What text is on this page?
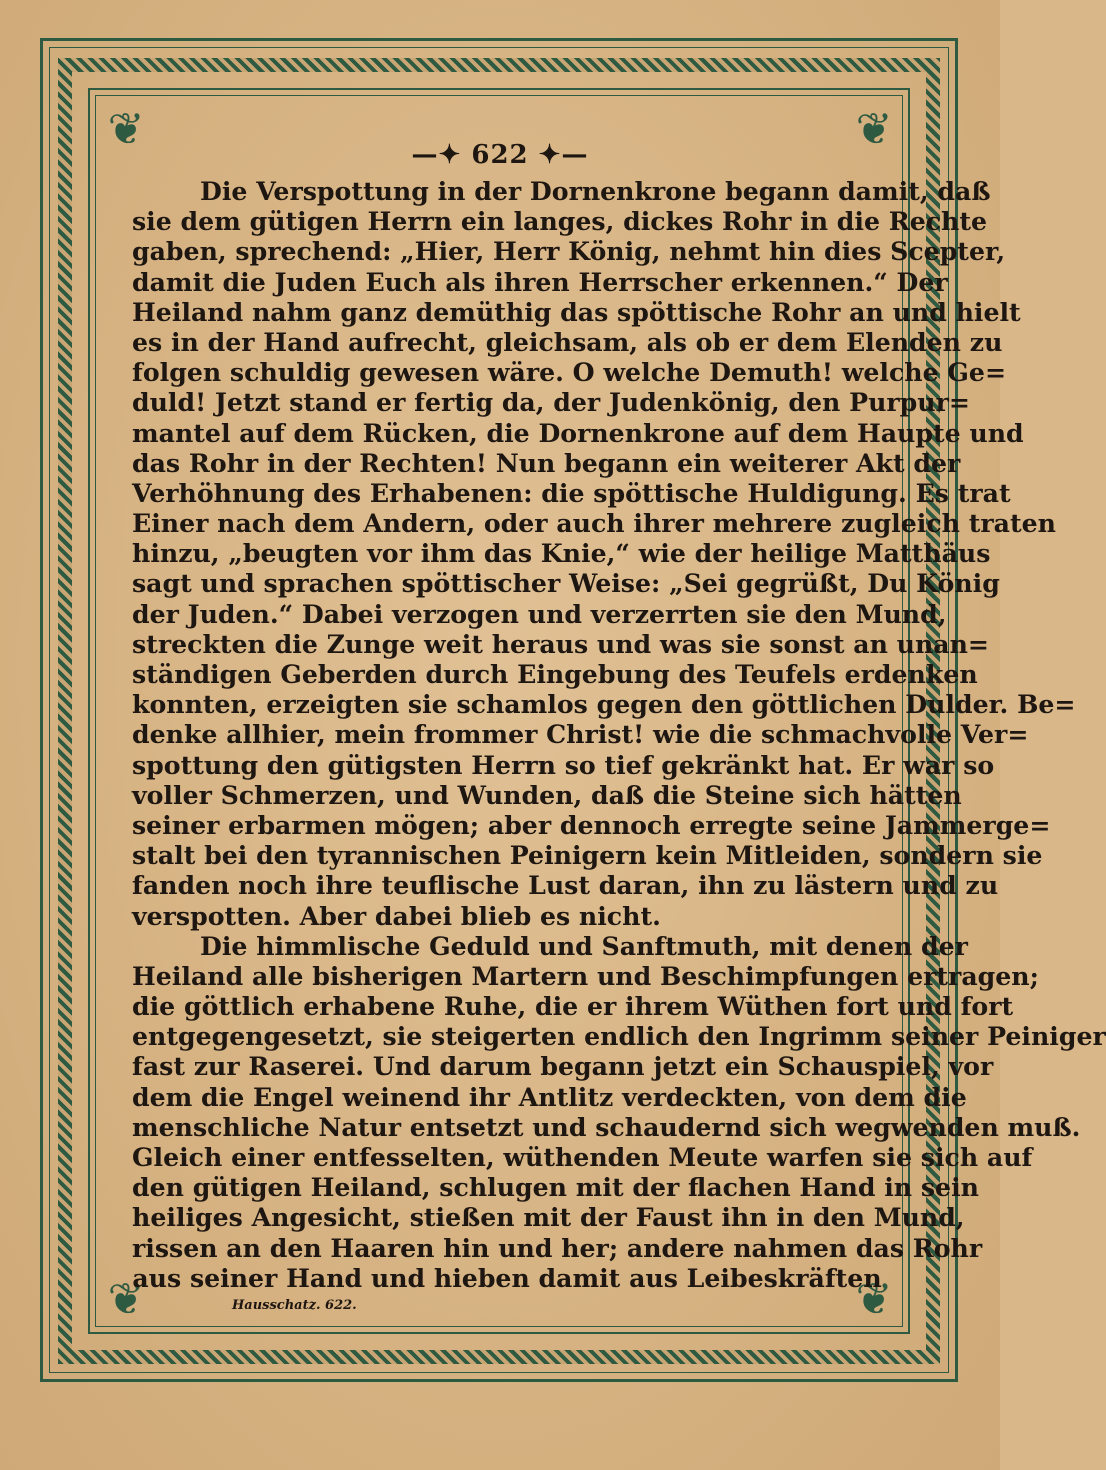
❦	❦
❦	❦
—✦ 622 ✦—
Die Verspottung in der Dornenkrone begann damit, daß
sie dem gütigen Herrn ein langes, dickes Rohr in die Rechte
gaben, sprechend: „Hier, Herr König, nehmt hin dies Scepter,
damit die Juden Euch als ihren Herrscher erkennen.“ Der
Heiland nahm ganz demüthig das spöttische Rohr an und hielt
es in der Hand aufrecht, gleichsam, als ob er dem Elenden zu
folgen schuldig gewesen wäre. O welche Demuth! welche Ge=
duld! Jetzt stand er fertig da, der Judenkönig, den Purpur=
mantel auf dem Rücken, die Dornenkrone auf dem Haupte und
das Rohr in der Rechten! Nun begann ein weiterer Akt der
Verhöhnung des Erhabenen: die spöttische Huldigung. Es trat
Einer nach dem Andern, oder auch ihrer mehrere zugleich traten
hinzu, „beugten vor ihm das Knie,“ wie der heilige Matthäus
sagt und sprachen spöttischer Weise: „Sei gegrüßt, Du König
der Juden.“ Dabei verzogen und verzerrten sie den Mund,
streckten die Zunge weit heraus und was sie sonst an unan=
ständigen Geberden durch Eingebung des Teufels erdenken
konnten, erzeigten sie schamlos gegen den göttlichen Dulder. Be=
denke allhier, mein frommer Christ! wie die schmachvolle Ver=
spottung den gütigsten Herrn so tief gekränkt hat. Er war so
voller Schmerzen, und Wunden, daß die Steine sich hätten
seiner erbarmen mögen; aber dennoch erregte seine Jammerge=
stalt bei den tyrannischen Peinigern kein Mitleiden, sondern sie
fanden noch ihre teuflische Lust daran, ihn zu lästern und zu
verspotten. Aber dabei blieb es nicht.
Die himmlische Geduld und Sanftmuth, mit denen der
Heiland alle bisherigen Martern und Beschimpfungen ertragen;
die göttlich erhabene Ruhe, die er ihrem Wüthen fort und fort
entgegengesetzt, sie steigerten endlich den Ingrimm seiner Peiniger
fast zur Raserei. Und darum begann jetzt ein Schauspiel, vor
dem die Engel weinend ihr Antlitz verdeckten, von dem die
menschliche Natur entsetzt und schaudernd sich wegwenden muß.
Gleich einer entfesselten, wüthenden Meute warfen sie sich auf
den gütigen Heiland, schlugen mit der flachen Hand in sein
heiliges Angesicht, stießen mit der Faust ihn in den Mund,
rissen an den Haaren hin und her; andere nahmen das Rohr
aus seiner Hand und hieben damit aus Leibeskräften
Hausschatz. 622.
